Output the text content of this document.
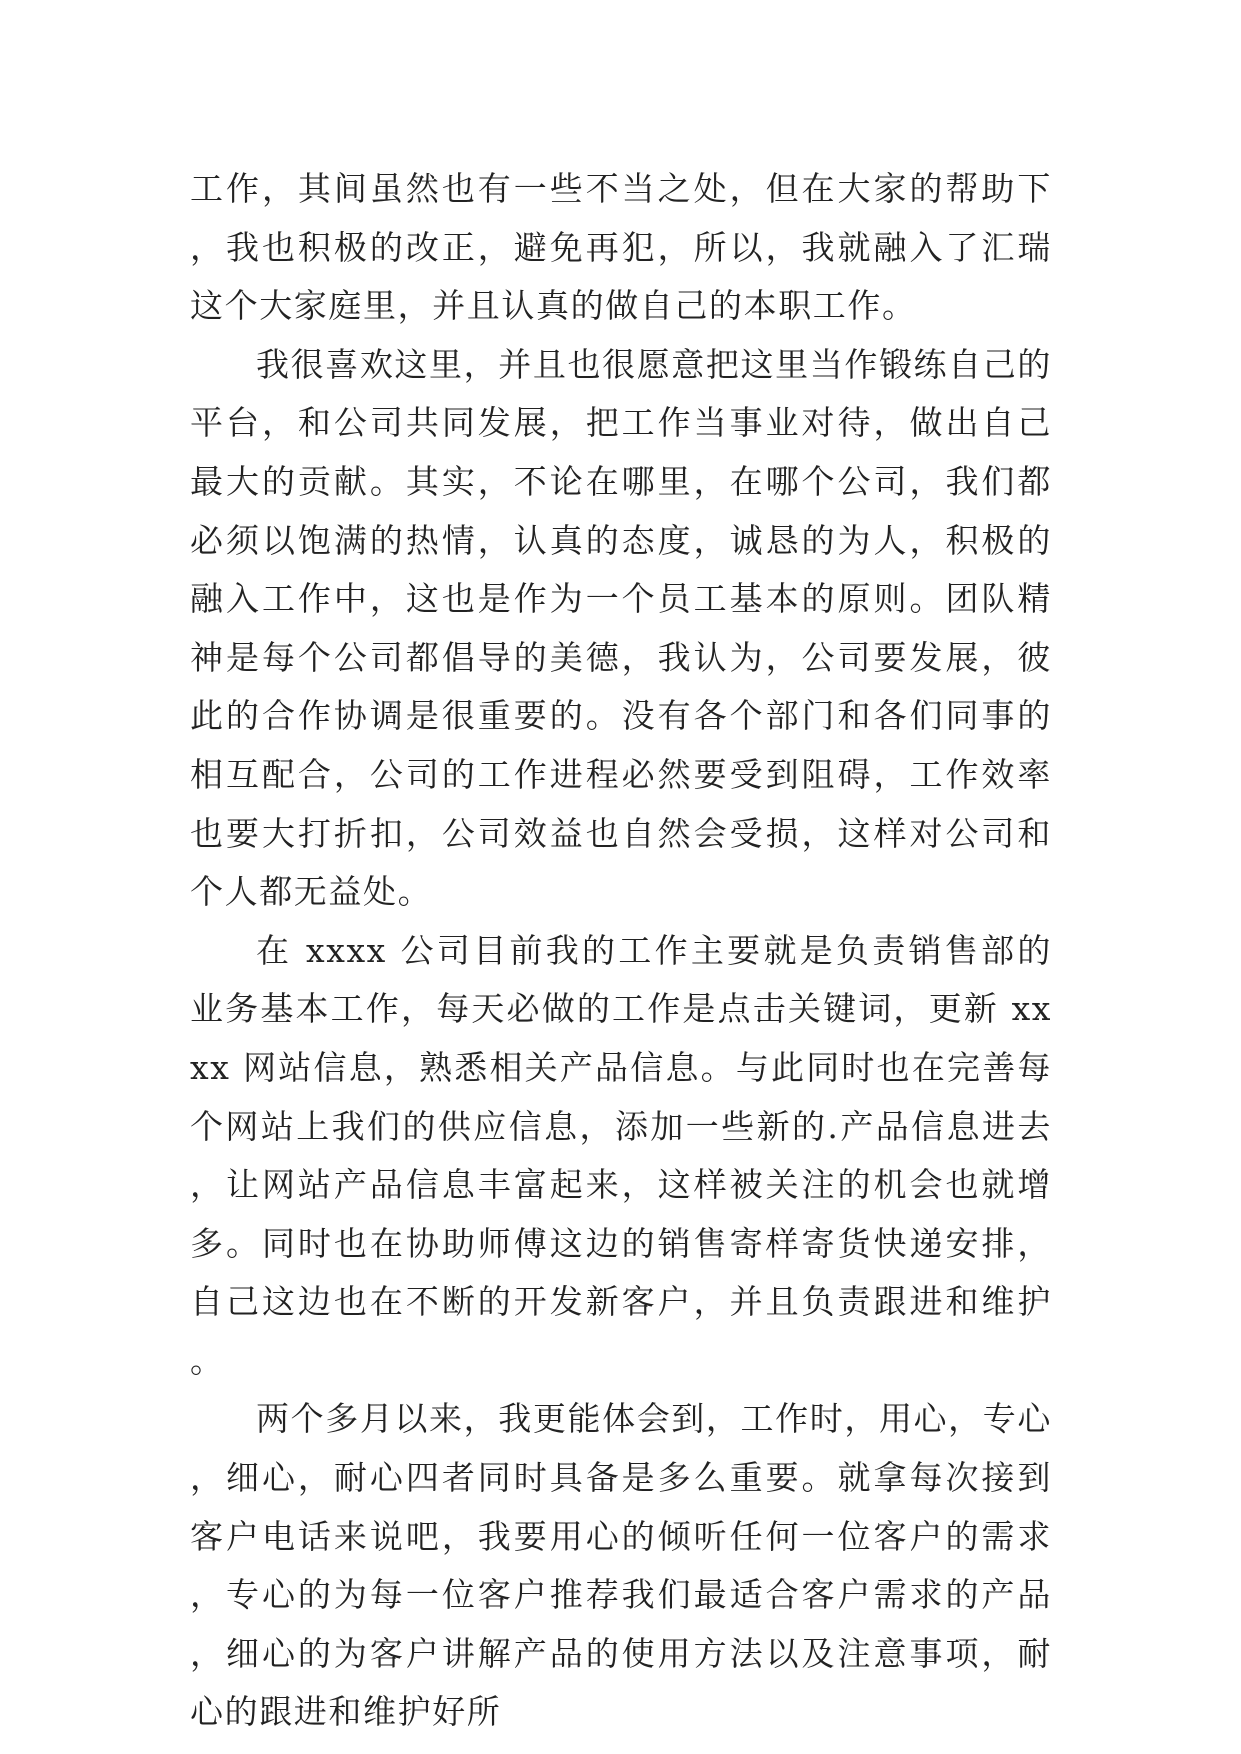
工作，其间虽然也有一些不当之处，但在大家的帮助下，我也积极的改正，避免再犯，所以，我就融入了汇瑞这个大家庭里，并且认真的做自己的本职工作。

我很喜欢这里，并且也很愿意把这里当作锻练自己的平台，和公司共同发展，把工作当事业对待，做出自己最大的贡献。其实，不论在哪里，在哪个公司，我们都必须以饱满的热情，认真的态度，诚恳的为人，积极的融入工作中，这也是作为一个员工基本的原则。团队精神是每个公司都倡导的美德，我认为，公司要发展，彼此的合作协调是很重要的。没有各个部门和各们同事的相互配合，公司的工作进程必然要受到阻碍，工作效率也要大打折扣，公司效益也自然会受损，这样对公司和个人都无益处。

在 xxxx 公司目前我的工作主要就是负责销售部的业务基本工作，每天必做的工作是点击关键词，更新 xxxx 网站信息，熟悉相关产品信息。与此同时也在完善每个网站上我们的供应信息，添加一些新的.产品信息进去，让网站产品信息丰富起来，这样被关注的机会也就增多。同时也在协助师傅这边的销售寄样寄货快递安排，自己这边也在不断的开发新客户，并且负责跟进和维护。

两个多月以来，我更能体会到，工作时，用心，专心，细心，耐心四者同时具备是多么重要。就拿每次接到客户电话来说吧，我要用心的倾听任何一位客户的需求，专心的为每一位客户推荐我们最适合客户需求的产品，细心的为客户讲解产品的使用方法以及注意事项，耐心的跟进和维护好所
